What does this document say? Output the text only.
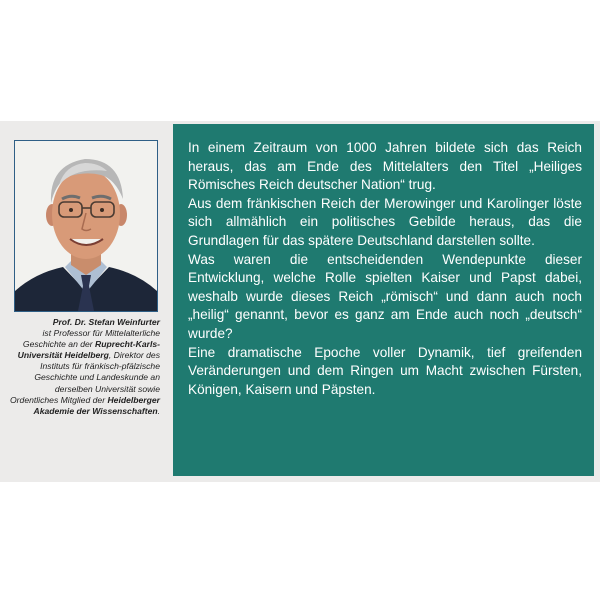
Prof. Dr. Stefan Weinfurter
ist Professor für Mittelalterliche Geschichte an der Ruprecht-Karls-Universität Heidelberg, Direktor des Instituts für fränkisch-pfälzische Geschichte und Landeskunde an derselben Universität sowie Ordentliches Mitglied der Heidelberger Akademie der Wissenschaften.

In einem Zeitraum von 1000 Jahren bildete sich das Reich heraus, das am Ende des Mittelalters den Titel „Heiliges Römisches Reich deutscher Nation“ trug.

Aus dem fränkischen Reich der Merowinger und Karolinger löste sich allmählich ein politisches Gebilde heraus, das die Grundlagen für das spätere Deutschland darstellen sollte.

Was waren die entscheidenden Wendepunkte dieser Entwicklung, welche Rolle spielten Kaiser und Papst dabei, weshalb wurde dieses Reich „römisch“ und dann auch noch „heilig“ genannt, bevor es ganz am Ende auch noch „deutsch“ wurde?

Eine dramatische Epoche voller Dynamik, tief greifenden Veränderungen und dem Ringen um Macht zwischen Fürsten, Königen, Kaisern und Päpsten.
